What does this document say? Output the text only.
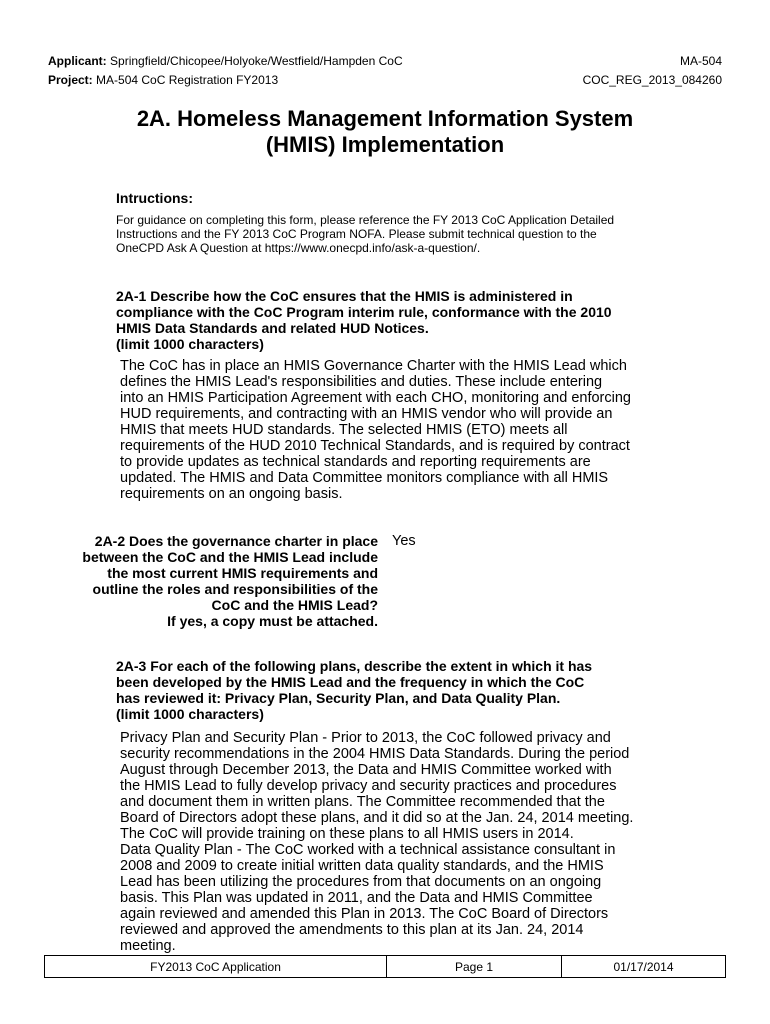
Applicant: Springfield/Chicopee/Holyoke/Westfield/Hampden CoC
Project: MA-504 CoC Registration FY2013
MA-504
COC_REG_2013_084260
2A. Homeless Management Information System
(HMIS) Implementation
Intructions:
For guidance on completing this form, please reference the FY 2013 CoC Application Detailed
Instructions and the FY 2013 CoC Program NOFA. Please submit technical question to the
OneCPD Ask A Question at https://www.onecpd.info/ask-a-question/.
2A-1 Describe how the CoC ensures that the HMIS is administered in
compliance with the CoC Program interim rule, conformance with the 2010
HMIS Data Standards and related HUD Notices.
(limit 1000 characters)
The CoC has in place an HMIS Governance Charter with the HMIS Lead which
defines the HMIS Lead's responsibilities and duties. These include entering
into an HMIS Participation Agreement with each CHO, monitoring and enforcing
HUD requirements, and contracting with an HMIS vendor who will provide an
HMIS that meets HUD standards. The selected HMIS (ETO) meets all
requirements of the HUD 2010 Technical Standards, and is required by contract
to provide updates as technical standards and reporting requirements are
updated. The HMIS and Data Committee monitors compliance with all HMIS
requirements on an ongoing basis.
2A-2 Does the governance charter in place
between the CoC and the HMIS Lead include
the most current HMIS requirements and
outline the roles and responsibilities of the
CoC and the HMIS Lead?
If yes, a copy must be attached.
Yes
2A-3 For each of the following plans, describe the extent in which it has
been developed by the HMIS Lead and the frequency in which the CoC
has reviewed it: Privacy Plan, Security Plan, and Data Quality Plan.
(limit 1000 characters)
Privacy Plan and Security Plan - Prior to 2013, the CoC followed privacy and
security recommendations in the 2004 HMIS Data Standards. During the period
August through December 2013, the Data and HMIS Committee worked with
the HMIS Lead to fully develop privacy and security practices and procedures
and document them in written plans. The Committee recommended that the
Board of Directors adopt these plans, and it did so at the Jan. 24, 2014 meeting.
The CoC will provide training on these plans to all HMIS users in 2014.
Data Quality Plan - The CoC worked with a technical assistance consultant in
2008 and 2009 to create initial written data quality standards, and the HMIS
Lead has been utilizing the procedures from that documents on an ongoing
basis. This Plan was updated in 2011, and the Data and HMIS Committee
again reviewed and amended this Plan in 2013. The CoC Board of Directors
reviewed and approved the amendments to this plan at its Jan. 24, 2014
meeting.
FY2013 CoC Application	Page 1	01/17/2014
